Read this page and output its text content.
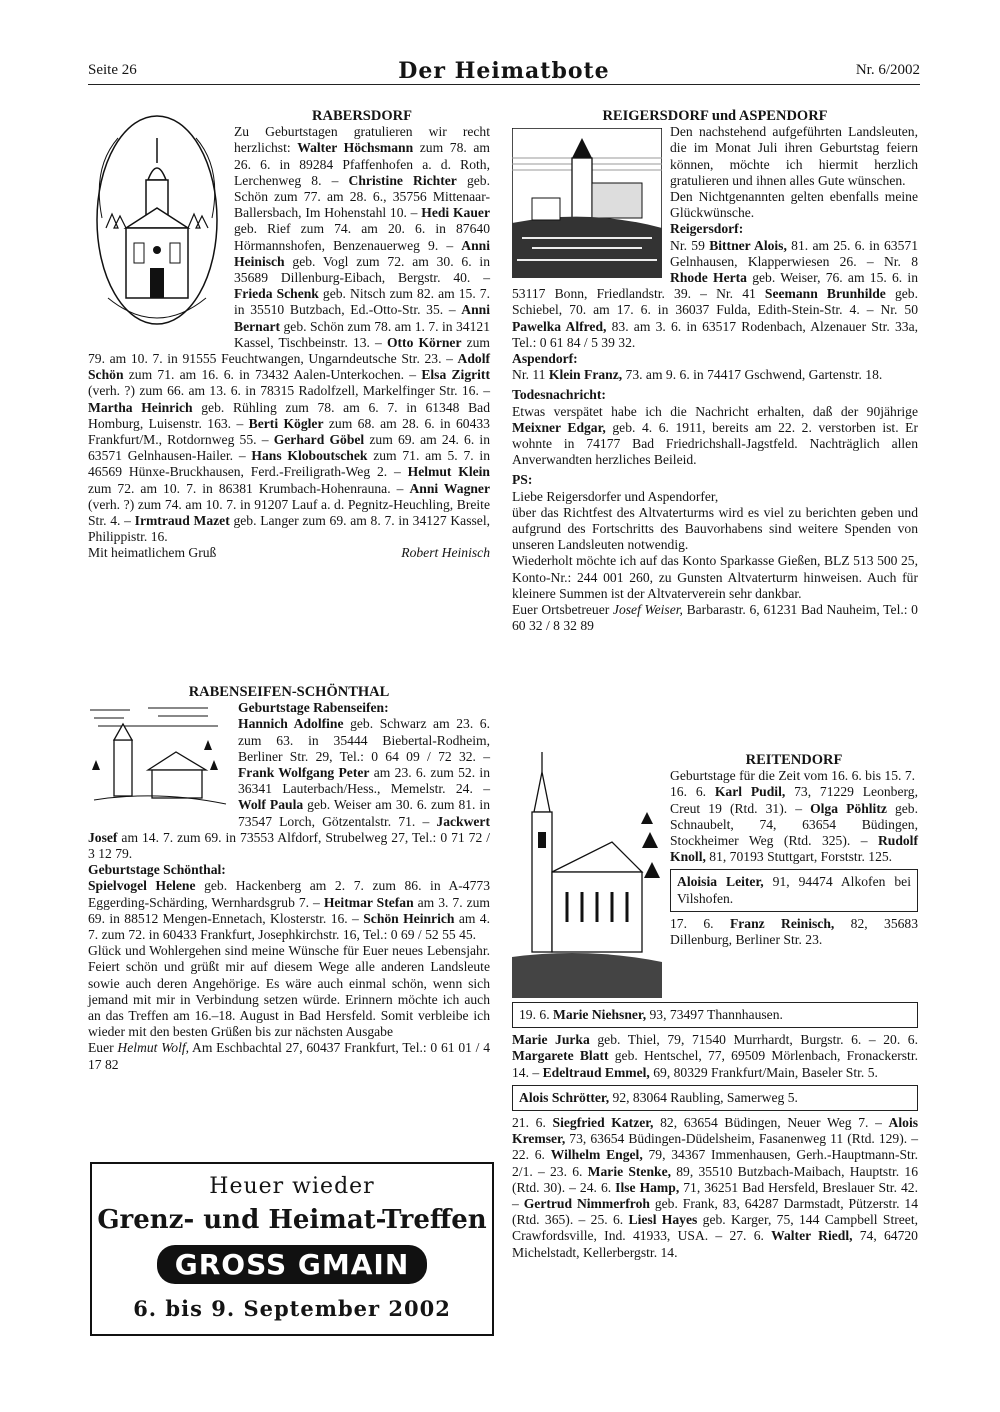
Seite 26	Der Heimatbote	Nr. 6/2002

RABERSDORF

Zu Geburtstagen gratulieren wir recht herzlichst: Walter Höchsmann zum 78. am 26. 6. in 89284 Pfaffenhofen a. d. Roth, Lerchenweg 8. – Christine Richter geb. Schön zum 77. am 28. 6., 35756 Mittenaar-Ballersbach, Im Hohenstahl 10. – Hedi Kauer geb. Rief zum 74. am 20. 6. in 87640 Hörmannshofen, Benzenauerweg 9. – Anni Heinisch geb. Vogl zum 72. am 30. 6. in 35689 Dillenburg-Eibach, Bergstr. 40. – Frieda Schenk geb. Nitsch zum 82. am 15. 7. in 35510 Butzbach, Ed.-Otto-Str. 35. – Anni Bernart geb. Schön zum 78. am 1. 7. in 34121 Kassel, Tischbeinstr. 13. – Otto Körner zum 79. am 10. 7. in 91555 Feuchtwangen, Ungarndeutsche Str. 23. – Adolf Schön zum 71. am 16. 6. in 73432 Aalen-Unterkochen. – Elsa Zigritt (verh. ?) zum 66. am 13. 6. in 78315 Radolfzell, Markelfinger Str. 16. – Martha Heinrich geb. Rühling zum 78. am 6. 7. in 61348 Bad Homburg, Luisenstr. 163. – Berti Kögler zum 68. am 28. 6. in 60433 Frankfurt/M., Rotdornweg 55. – Gerhard Göbel zum 69. am 24. 6. in 63571 Gelnhausen-Hailer. – Hans Kloboutschek zum 71. am 5. 7. in 46569 Hünxe-Bruckhausen, Ferd.-Freiligrath-Weg 2. – Helmut Klein zum 72. am 10. 7. in 86381 Krumbach-Hohenrauna. – Anni Wagner (verh. ?) zum 74. am 10. 7. in 91207 Lauf a. d. Pegnitz-Heuchling, Breite Str. 4. – Irmtraud Mazet geb. Langer zum 69. am 8. 7. in 34127 Kassel, Philippistr. 16.

Mit heimatlichem Gruß	Robert Heinisch

RABENSEIFEN-SCHÖNTHAL

Geburtstage Rabenseifen:

Hannich Adolfine geb. Schwarz am 23. 6. zum 63. in 35444 Biebertal-Rodheim, Berliner Str. 29, Tel.: 0 64 09 / 72 32. – Frank Wolfgang Peter am 23. 6. zum 52. in 36341 Lauterbach/Hess., Memelstr. 24. – Wolf Paula geb. Weiser am 30. 6. zum 81. in 73547 Lorch, Götzentalstr. 71. – Jackwert Josef am 14. 7. zum 69. in 73553 Alfdorf, Strubelweg 27, Tel.: 0 71 72 / 3 12 79.

Geburtstage Schönthal:

Spielvogel Helene geb. Hackenberg am 2. 7. zum 86. in A-4773 Eggerding-Schärding, Wernhardsgrub 7. – Heitmar Stefan am 3. 7. zum 69. in 88512 Mengen-Ennetach, Klosterstr. 16. – Schön Heinrich am 4. 7. zum 72. in 60433 Frankfurt, Josephkirchstr. 16, Tel.: 0 69 / 52 55 45.

Glück und Wohlergehen sind meine Wünsche für Euer neues Lebensjahr. Feiert schön und grüßt mir auf diesem Wege alle anderen Landsleute sowie auch deren Angehörige. Es wäre auch einmal schön, wenn sich jemand mit mir in Verbindung setzen würde. Erinnern möchte ich auch an das Treffen am 16.–18. August in Bad Hersfeld. Somit verbleibe ich wieder mit den besten Grüßen bis zur nächsten Ausgabe

Euer Helmut Wolf, Am Eschbachtal 27, 60437 Frankfurt, Tel.: 0 61 01 / 4 17 82

Heuer wieder
Grenz- und Heimat-Treffen
GROSS GMAIN
6. bis 9. September 2002

REIGERSDORF und ASPENDORF

Den nachstehend aufgeführten Landsleuten, die im Monat Juli ihren Geburtstag feiern können, möchte ich hiermit herzlich gratulieren und ihnen alles Gute wünschen.

Den Nichtgenannten gelten ebenfalls meine Glückwünsche.

Reigersdorf:

Nr. 59 Bittner Alois, 81. am 25. 6. in 63571 Gelnhausen, Klapperwiesen 26. – Nr. 8 Rhode Herta geb. Weiser, 76. am 15. 6. in 53117 Bonn, Friedlandstr. 39. – Nr. 41 Seemann Brunhilde geb. Schiebel, 70. am 17. 6. in 36037 Fulda, Edith-Stein-Str. 4. – Nr. 50 Pawelka Alfred, 83. am 3. 6. in 63517 Rodenbach, Alzenauer Str. 33a, Tel.: 0 61 84 / 5 39 32.

Aspendorf:

Nr. 11 Klein Franz, 73. am 9. 6. in 74417 Gschwend, Gartenstr. 18.

Todesnachricht:

Etwas verspätet habe ich die Nachricht erhalten, daß der 90jährige Meixner Edgar, geb. 4. 6. 1911, bereits am 22. 2. verstorben ist. Er wohnte in 74177 Bad Friedrichshall-Jagstfeld. Nachträglich allen Anverwandten herzliches Beileid.

PS:

Liebe Reigersdorfer und Aspendorfer,

über das Richtfest des Altvaterturms wird es viel zu berichten geben und aufgrund des Fortschritts des Bauvorhabens sind weitere Spenden von unseren Landsleuten notwendig.

Wiederholt möchte ich auf das Konto Sparkasse Gießen, BLZ 513 500 25, Konto-Nr.: 244 001 260, zu Gunsten Altvaterturm hinweisen. Auch für kleinere Summen ist der Altvaterverein sehr dankbar.

Euer Ortsbetreuer Josef Weiser, Barbarastr. 6, 61231 Bad Nauheim, Tel.: 0 60 32 / 8 32 89

REITENDORF

Geburtstage für die Zeit vom 16. 6. bis 15. 7.

16. 6. Karl Pudil, 73, 71229 Leonberg, Creut 19 (Rtd. 31). – Olga Pöhlitz geb. Schnaubelt, 74, 63654 Büdingen, Stockheimer Weg (Rtd. 325). – Rudolf Knoll, 81, 70193 Stuttgart, Forststr. 125.

Aloisia Leiter, 91, 94474 Alkofen bei Vilshofen.

17. 6. Franz Reinisch, 82, 35683 Dillenburg, Berliner Str. 23.

19. 6. Marie Niehsner, 93, 73497 Thannhausen.

Marie Jurka geb. Thiel, 79, 71540 Murrhardt, Burgstr. 6. – 20. 6. Margarete Blatt geb. Hentschel, 77, 69509 Mörlenbach, Fronackerstr. 14. – Edeltraud Emmel, 69, 80329 Frankfurt/Main, Baseler Str. 5.

Alois Schrötter, 92, 83064 Raubling, Samerweg 5.

21. 6. Siegfried Katzer, 82, 63654 Büdingen, Neuer Weg 7. – Alois Kremser, 73, 63654 Büdingen-Düdelsheim, Fasanenweg 11 (Rtd. 129). – 22. 6. Wilhelm Engel, 79, 34367 Immenhausen, Gerh.-Hauptmann-Str. 2/1. – 23. 6. Marie Stenke, 89, 35510 Butzbach-Maibach, Hauptstr. 16 (Rtd. 30). – 24. 6. Ilse Hamp, 71, 36251 Bad Hersfeld, Breslauer Str. 42. – Gertrud Nimmerfroh geb. Frank, 83, 64287 Darmstadt, Pützerstr. 14 (Rtd. 365). – 25. 6. Liesl Hayes geb. Karger, 75, 144 Campbell Street, Crawfordsville, Ind. 41933, USA. – 27. 6. Walter Riedl, 74, 64720 Michelstadt, Kellerbergstr. 14.
